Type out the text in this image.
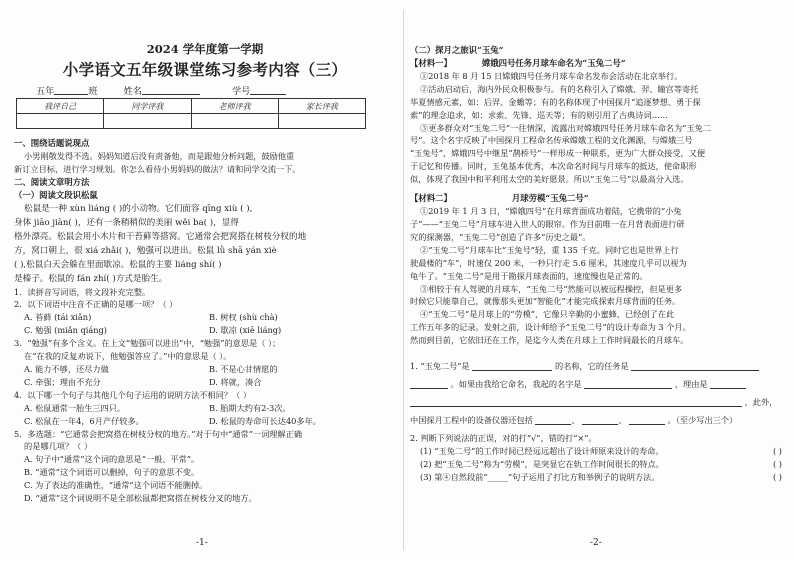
2024 学年度第一学期
小学语文五年级课堂练习参考内容（三）
五年	班	姓名	学号
我评自己	同学评我	老师评我	家长评我

一、围绕话题说现点

小男刚敬发得不选。妈妈知道后没有责备他，而是跟他分析问题，鼓励他重

新订立目标，进行学习规划。你怎么看待小男妈妈的做法？请和同学交流一下。

二、阅读文章明方法

（一）阅读文段识松鼠

松鼠是一种 xùn liáng ( )的小动物。它们面容 qīng xiù ( ),

身体 jiāo jiàn( )，还有一条稍稍似的美丽 wěi ba( )，显得

格外漂亮。松鼠会用小木片和干苔藓等搭窝。它通常会把窝搭在树枝分杈的地

方，窝口朝上，很 xiá zhǎi( )，勉强可以进出。松鼠 lǜ shā yán xiè

( ),松鼠白天会躲在里面歇凉。松鼠的主要 liáng shí( )

是榛子。松鼠的 fán zhí( )方式是胎生。

1．读拼音写词语，将文段补充完整。

2．以下词语中注音不正确的是哪一项？（ ）

A. 苔藓 (tái xiǎn)	B. 树杈 (shù chà)
C. 勉强 (miǎn qiáng)	D. 歇凉 (xiē liáng)

3．“勉强”有多个含义。在上文“勉强可以进出”中，“勉强”的意思是（ ）；

在“在我的反复劝说下，他勉强答应了。”中的意思是（ ）。

A. 能力不够，还尽力做	B. 不是心甘情愿的
C. 牵强；理由不充分	D. 将就，凑合

4．以下哪一个句子与其他几个句子运用的说明方法不相同？（ ）

A. 松鼠通常一胎生三四只。	B. 胎期大约有2-3次。
C. 松鼠在一年4，6月产仔较多。	D. 松鼠的寿命可长达40多年。

5．多选题：“它通常会把窝搭在树枝分杈的地方。”对于句中“通常”一词理解正确

的是哪几项？（ ）

A. 句子中“通常”这个词的意思是“一般、平常”。

B. “通常”这个词语可以删掉，句子的意思不变。

C. 为了表达的准确性，“通常”这个词语不能删掉。

D. “通常”这个词说明不是全部松鼠都把窝搭在树枝分叉的地方。

-1-

（二）探月之旅识“玉兔”

【材料一】	嫦娥四号任务月球车命名为“玉兔二号”

①2018 年 8 月 15 日嫦娥四号任务月球车命名发布会活动在北京举行。

②活动启动后，海内外民众积极参与。有的名称引入了嫦娥、羿、瞳宫等寄托

华夏情感元素，如：后羿、金蟾等；有的名称体现了中国探月“追逐梦想、勇于探

索”的理念追求，如：求索、先锋、巡天等；有的则引用了古典诗词……

③更多群众对“玉兔二号”一往情深，流露出对嫦娥四号任务月球车命名为“玉兔二

号”。这个名字反映了中国探月工程命名传承嫦娥工程的文化渊源，与嫦娥三号

“玉兔号”，嫦娥四号中继星“鹊桥号”一样形成一种联系，更为广大群众接受，又便

于记忆和传播。同时，玉兔基本优秀，本次命名时间与月球车的抵达，使命职形

似，体现了我国中和平利用太空的美好愿景。所以“玉兔二号”以最高分入选。

【材料二】	月球劳模“玉兔二号”

①2019 年 1 月 3 日，“嫦娥四号”在月球背面成功着陆，它携带的“小兔

子”——“玉兔二号”月球车进入世人的眼帘。作为目前唯一在月背表面进行研

究的探测器，“玉兔二号”创造了许多“历史之最”。

②“玉兔二号”月球车比“玉兔号”轻，重 135 千克。同时它也是世界上行

驶最楼的“车”，时速仅 200 米，一秒只行走 5.6 厘米，其速度几乎可以视为

龟牛了。“玉兔二号”是用于勘探月球表面的，速度慢也是正常的。

③相较于有人驾驶的月球车，“玉兔二号”然能可以被远程操控，但是更多

时候它只能靠自己，就像那头更加“智能化”才能完成探索月球背面的任务。

④“玉兔二号”是月球上的“劳模”，它像只辛勤的小蜜蜂，已经创了在此

工作五年多的记录。发射之前，设计师给予“玉兔二号”的设计寿命为 3 个月。

然而到目前，它依旧还在工作，是迄今人类在月球上工作时间最长的月球车。

1. “玉兔二号”是	的名称，它的任务是

。如果由我给它命名，我起的名字是	，理由是

，此外，

中国探月工程中的设备仪器还包括	、	、	。（至少写出三个）

2. 判断下列说法的正误，对的打“√”，错的打“×”。

(1) “玉兔二号”的工作时间已经远远超出了设计师原来设计的寿命。	( )
(2) 把“玉兔二号”称为“劳模”，是突显它在轨工作时间很长的特点。	( )
(3) 第④自然段前“_____”句子运用了打比方和举例子的说明方法。	( )
-2-
